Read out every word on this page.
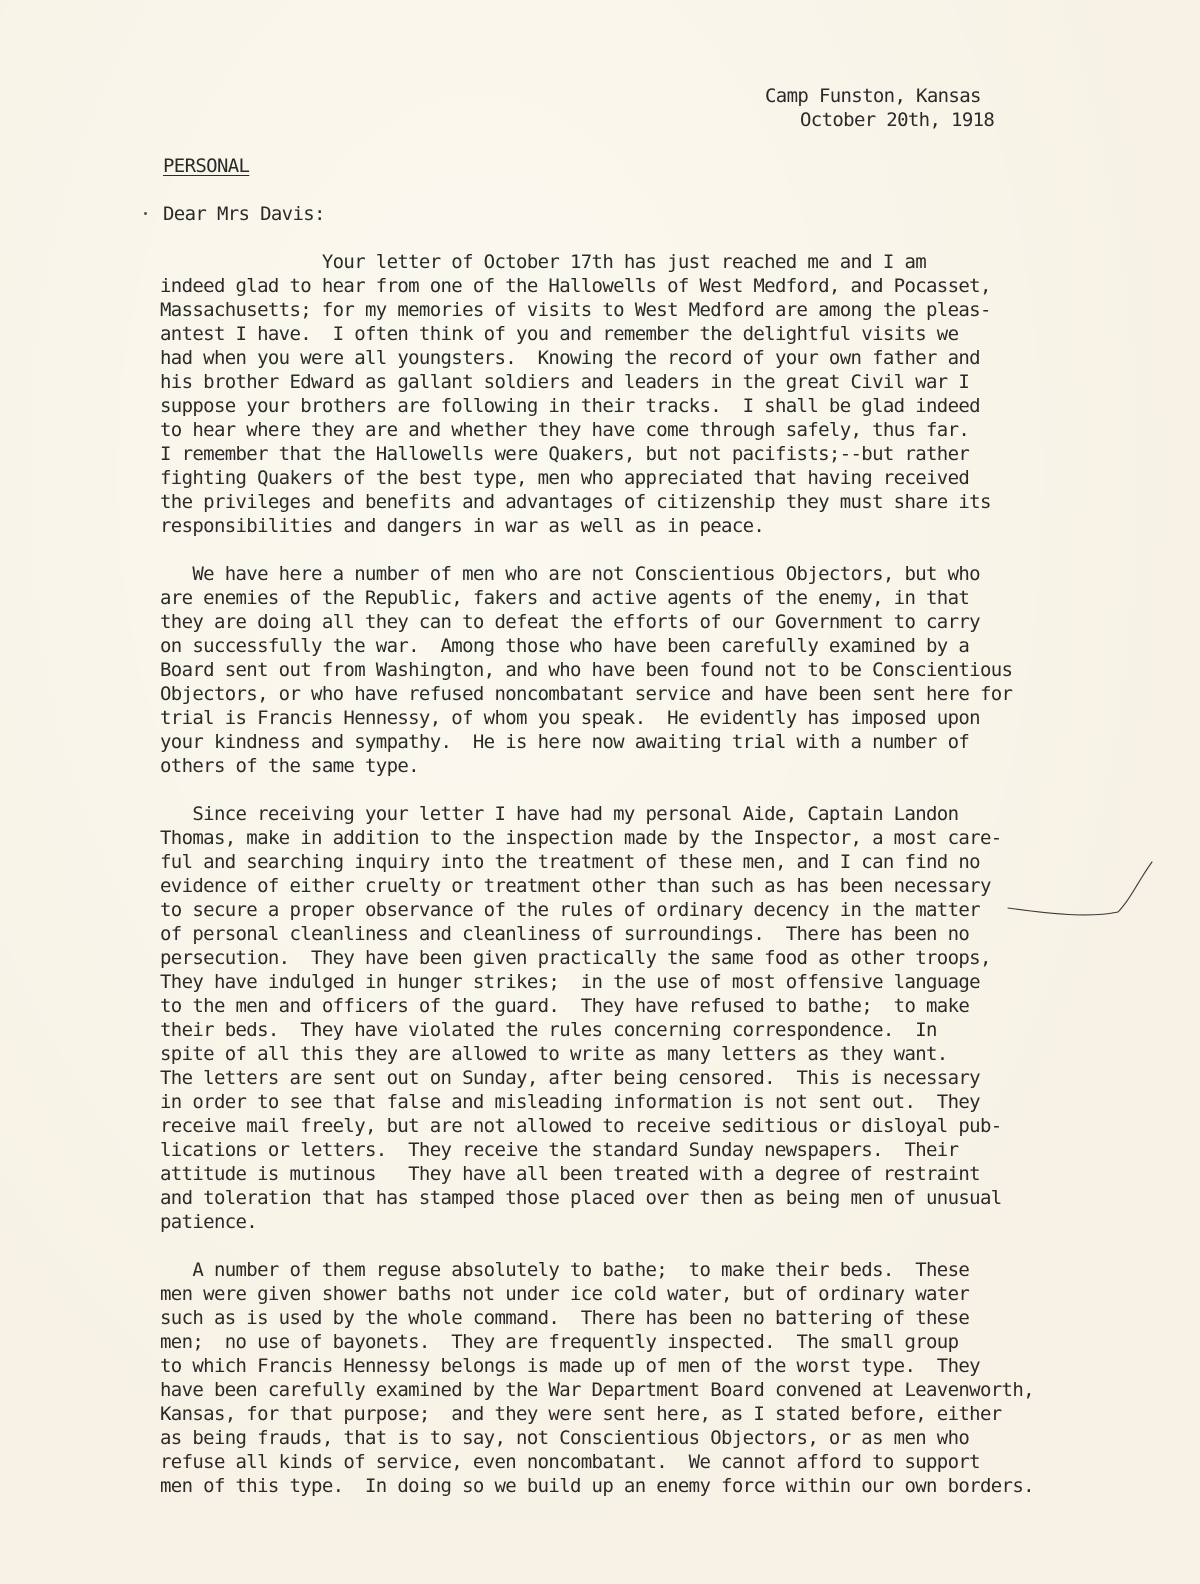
Camp Funston, Kansas
October 20th, 1918
PERSONAL
Dear Mrs Davis:
Your letter of October 17th has just reached me and I am
indeed glad to hear from one of the Hallowells of West Medford, and Pocasset,
Massachusetts; for my memories of visits to West Medford are among the pleas-
antest I have.  I often think of you and remember the delightful visits we
had when you were all youngsters.  Knowing the record of your own father and
his brother Edward as gallant soldiers and leaders in the great Civil war I
suppose your brothers are following in their tracks.  I shall be glad indeed
to hear where they are and whether they have come through safely, thus far.
I remember that the Hallowells were Quakers, but not pacifists;--but rather
fighting Quakers of the best type, men who appreciated that having received
the privileges and benefits and advantages of citizenship they must share its
responsibilities and dangers in war as well as in peace.
We have here a number of men who are not Conscientious Objectors, but who
are enemies of the Republic, fakers and active agents of the enemy, in that
they are doing all they can to defeat the efforts of our Government to carry
on successfully the war.  Among those who have been carefully examined by a
Board sent out from Washington, and who have been found not to be Conscientious
Objectors, or who have refused noncombatant service and have been sent here for
trial is Francis Hennessy, of whom you speak.  He evidently has imposed upon
your kindness and sympathy.  He is here now awaiting trial with a number of
others of the same type.
Since receiving your letter I have had my personal Aide, Captain Landon
Thomas, make in addition to the inspection made by the Inspector, a most care-
ful and searching inquiry into the treatment of these men, and I can find no
evidence of either cruelty or treatment other than such as has been necessary
to secure a proper observance of the rules of ordinary decency in the matter
of personal cleanliness and cleanliness of surroundings.  There has been no
persecution.  They have been given practically the same food as other troops,
They have indulged in hunger strikes;  in the use of most offensive language
to the men and officers of the guard.  They have refused to bathe;  to make
their beds.  They have violated the rules concerning correspondence.  In
spite of all this they are allowed to write as many letters as they want.
The letters are sent out on Sunday, after being censored.  This is necessary
in order to see that false and misleading information is not sent out.  They
receive mail freely, but are not allowed to receive seditious or disloyal pub-
lications or letters.  They receive the standard Sunday newspapers.  Their
attitude is mutinous   They have all been treated with a degree of restraint
and toleration that has stamped those placed over then as being men of unusual
patience.
A number of them reguse absolutely to bathe;  to make their beds.  These
men were given shower baths not under ice cold water, but of ordinary water
such as is used by the whole command.  There has been no battering of these
men;  no use of bayonets.  They are frequently inspected.  The small group
to which Francis Hennessy belongs is made up of men of the worst type.  They
have been carefully examined by the War Department Board convened at Leavenworth,
Kansas, for that purpose;  and they were sent here, as I stated before, either
as being frauds, that is to say, not Conscientious Objectors, or as men who
refuse all kinds of service, even noncombatant.  We cannot afford to support
men of this type.  In doing so we build up an enemy force within our own borders.
